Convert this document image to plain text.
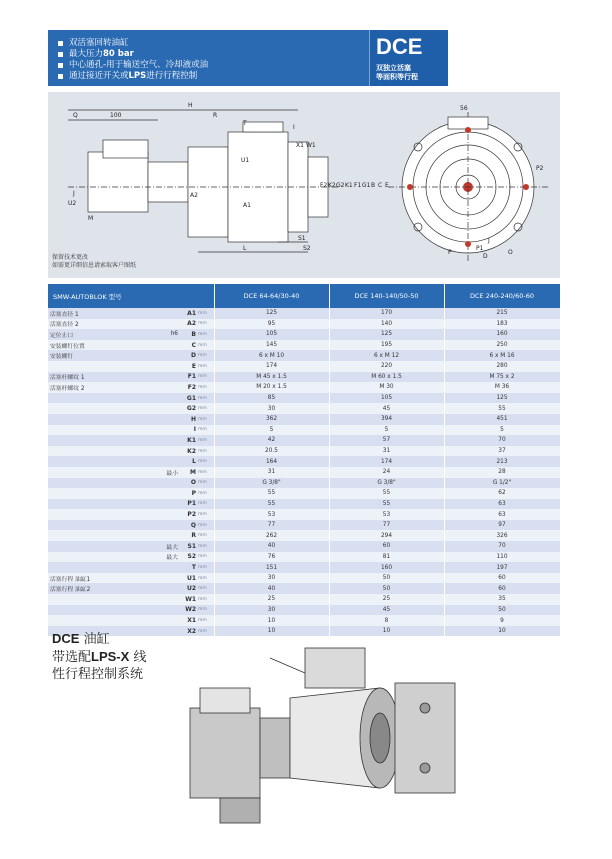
双活塞回转油缸
最大压力 80 bar
中心通孔-用于输送空气、冷却液或油
通过接近开关或 LPS 进行行程控制
DCE
双独立活塞
等面积等行程
H
R
T
Q	100
I
X1 W1
U1
A2
A1
F2 K2 G2 K1 F1 G1 B C E
S1
S2
L
J
U2
M
56
P2
P
P1
O
D
J
保留技术更改
如需更详细信息请索取客户图纸
SMW-AUTOBLOK 型号				DCE 64-64/30-40	DCE 140-140/50-50	DCE 240-240/60-60
活塞直径 1		A1	mm	125	170	215
活塞直径 2		A2	mm	95	140	183
定位止口	h6	B	mm	105	125	160
安装螺钉位置		C	mm	145	195	250
安装螺钉		D	mm	6 x M 10	6 x M 12	6 x M 16
		E	mm	174	220	280
活塞杆螺纹 1		F1	mm	M 45 x 1.5	M 60 x 1.5	M 75 x 2
活塞杆螺纹 2		F2	mm	M 20 x 1.5	M 30	M 36
		G1	mm	85	105	125
		G2	mm	30	45	55
		H	mm	362	394	451
		I	mm	5	5	5
		K1	mm	42	57	70
		K2	mm	20.5	31	37
		L	mm	164	174	213
	最小	M	mm	31	24	28
		O	mm	G 3/8"	G 3/8"	G 1/2"
		P	mm	55	55	62
		P1	mm	55	55	63
		P2	mm	53	53	63
		Q	mm	77	77	97
		R	mm	262	294	326
	最大	S1	mm	40	60	70
	最大	S2	mm	76	81	110
		T	mm	151	160	197
活塞行程 油缸1		U1	mm	30	50	60
活塞行程 油缸2		U2	mm	40	50	60
		W1	mm	25	25	35
		W2	mm	30	45	50
		X1	mm	10	8	9
		X2	mm	10	10	10
DCE 油缸
带选配LPS-X 线
性行程控制系统
